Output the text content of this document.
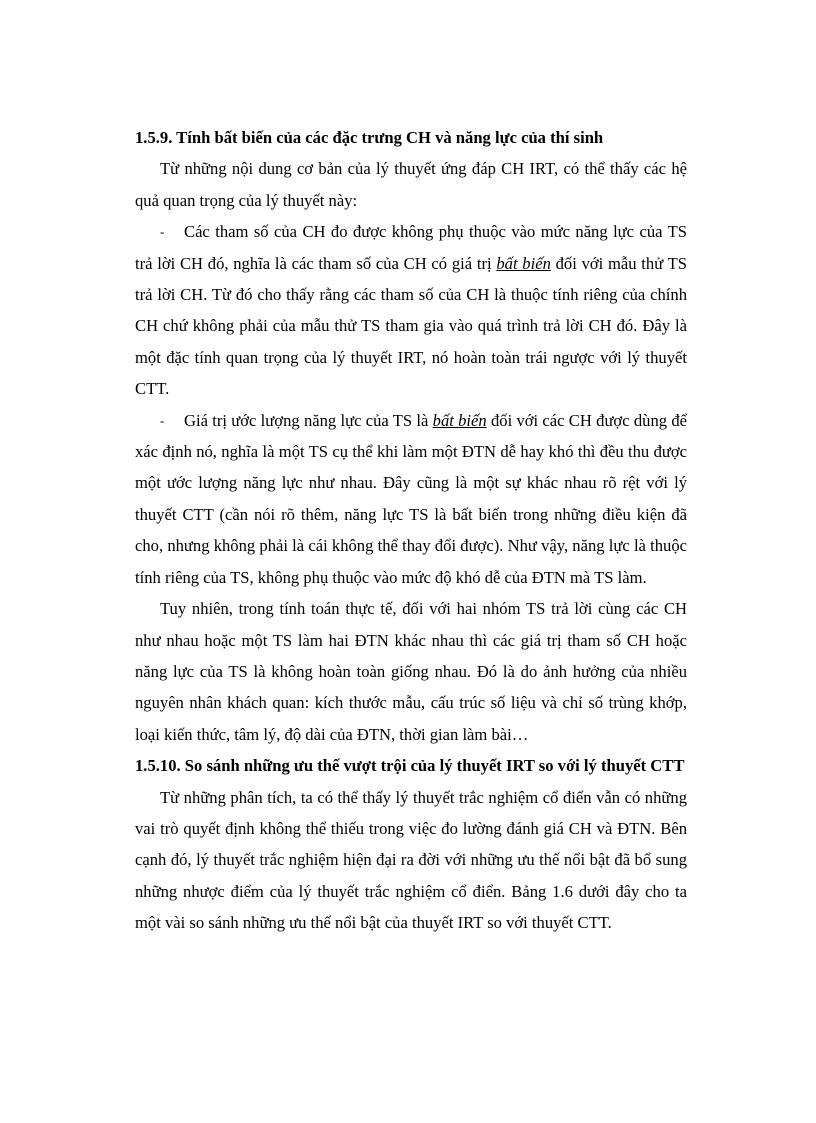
1.5.9. Tính bất biến của các đặc trưng CH và năng lực của thí sinh

Từ những nội dung cơ bản của lý thuyết ứng đáp CH IRT, có thể thấy các hệ quả quan trọng của lý thuyết này:

- Các tham số của CH đo được không phụ thuộc vào mức năng lực của TS trả lời CH đó, nghĩa là các tham số của CH có giá trị bất biến đối với mẫu thử TS trả lời CH. Từ đó cho thấy rằng các tham số của CH là thuộc tính riêng của chính CH chứ không phải của mẫu thử TS tham gia vào quá trình trả lời CH đó. Đây là một đặc tính quan trọng của lý thuyết IRT, nó hoàn toàn trái ngược với lý thuyết CTT.

- Giá trị ước lượng năng lực của TS là bất biến đối với các CH được dùng để xác định nó, nghĩa là một TS cụ thể khi làm một ĐTN dễ hay khó thì đều thu được một ước lượng năng lực như nhau. Đây cũng là một sự khác nhau rõ rệt với lý thuyết CTT (cần nói rõ thêm, năng lực TS là bất biến trong những điều kiện đã cho, nhưng không phải là cái không thể thay đổi được). Như vậy, năng lực là thuộc tính riêng của TS, không phụ thuộc vào mức độ khó dễ của ĐTN mà TS làm.

Tuy nhiên, trong tính toán thực tế, đối với hai nhóm TS trả lời cùng các CH như nhau hoặc một TS làm hai ĐTN khác nhau thì các giá trị tham số CH hoặc năng lực của TS là không hoàn toàn giống nhau. Đó là do ảnh hưởng của nhiều nguyên nhân khách quan: kích thước mẫu, cấu trúc số liệu và chỉ số trùng khớp, loại kiến thức, tâm lý, độ dài của ĐTN, thời gian làm bài…

1.5.10. So sánh những ưu thế vượt trội của lý thuyết IRT so với lý thuyết CTT

Từ những phân tích, ta có thể thấy lý thuyết trắc nghiệm cổ điển vẫn có những vai trò quyết định không thể thiếu trong việc đo lường đánh giá CH và ĐTN. Bên cạnh đó, lý thuyết trắc nghiệm hiện đại ra đời với những ưu thế nổi bật đã bổ sung những nhược điểm của lý thuyết trắc nghiệm cổ điển. Bảng 1.6 dưới đây cho ta một vài so sánh những ưu thế nổi bật của thuyết IRT so với thuyết CTT.
